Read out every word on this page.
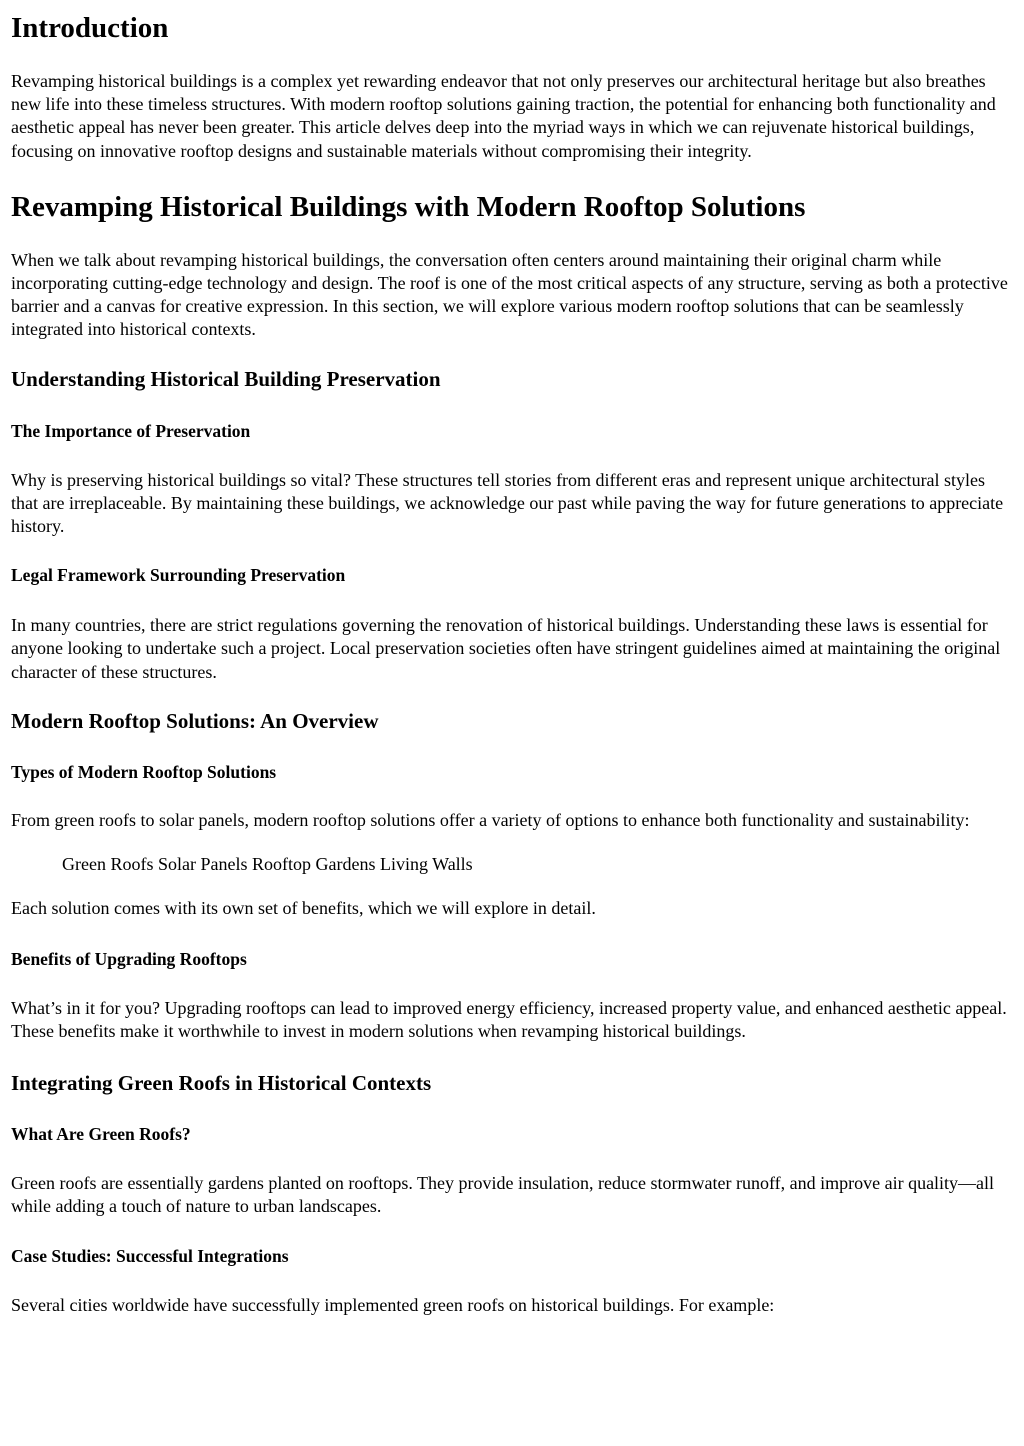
Introduction

Revamping historical buildings is a complex yet rewarding endeavor that not only preserves our architectural heritage but also breathes new life into these timeless structures. With modern rooftop solutions gaining traction, the potential for enhancing both functionality and aesthetic appeal has never been greater. This article delves deep into the myriad ways in which we can rejuvenate historical buildings, focusing on innovative rooftop designs and sustainable materials without compromising their integrity.

Revamping Historical Buildings with Modern Rooftop Solutions

When we talk about revamping historical buildings, the conversation often centers around maintaining their original charm while incorporating cutting-edge technology and design. The roof is one of the most critical aspects of any structure, serving as both a protective barrier and a canvas for creative expression. In this section, we will explore various modern rooftop solutions that can be seamlessly integrated into historical contexts.

Understanding Historical Building Preservation
The Importance of Preservation

Why is preserving historical buildings so vital? These structures tell stories from different eras and represent unique architectural styles that are irreplaceable. By maintaining these buildings, we acknowledge our past while paving the way for future generations to appreciate history.

Legal Framework Surrounding Preservation

In many countries, there are strict regulations governing the renovation of historical buildings. Understanding these laws is essential for anyone looking to undertake such a project. Local preservation societies often have stringent guidelines aimed at maintaining the original character of these structures.

Modern Rooftop Solutions: An Overview
Types of Modern Rooftop Solutions

From green roofs to solar panels, modern rooftop solutions offer a variety of options to enhance both functionality and sustainability:

Green Roofs Solar Panels Rooftop Gardens Living Walls

Each solution comes with its own set of benefits, which we will explore in detail.

Benefits of Upgrading Rooftops

What’s in it for you? Upgrading rooftops can lead to improved energy efficiency, increased property value, and enhanced aesthetic appeal. These benefits make it worthwhile to invest in modern solutions when revamping historical buildings.

Integrating Green Roofs in Historical Contexts
What Are Green Roofs?

Green roofs are essentially gardens planted on rooftops. They provide insulation, reduce stormwater runoff, and improve air quality—all while adding a touch of nature to urban landscapes.

Case Studies: Successful Integrations

Several cities worldwide have successfully implemented green roofs on historical buildings. For example:
